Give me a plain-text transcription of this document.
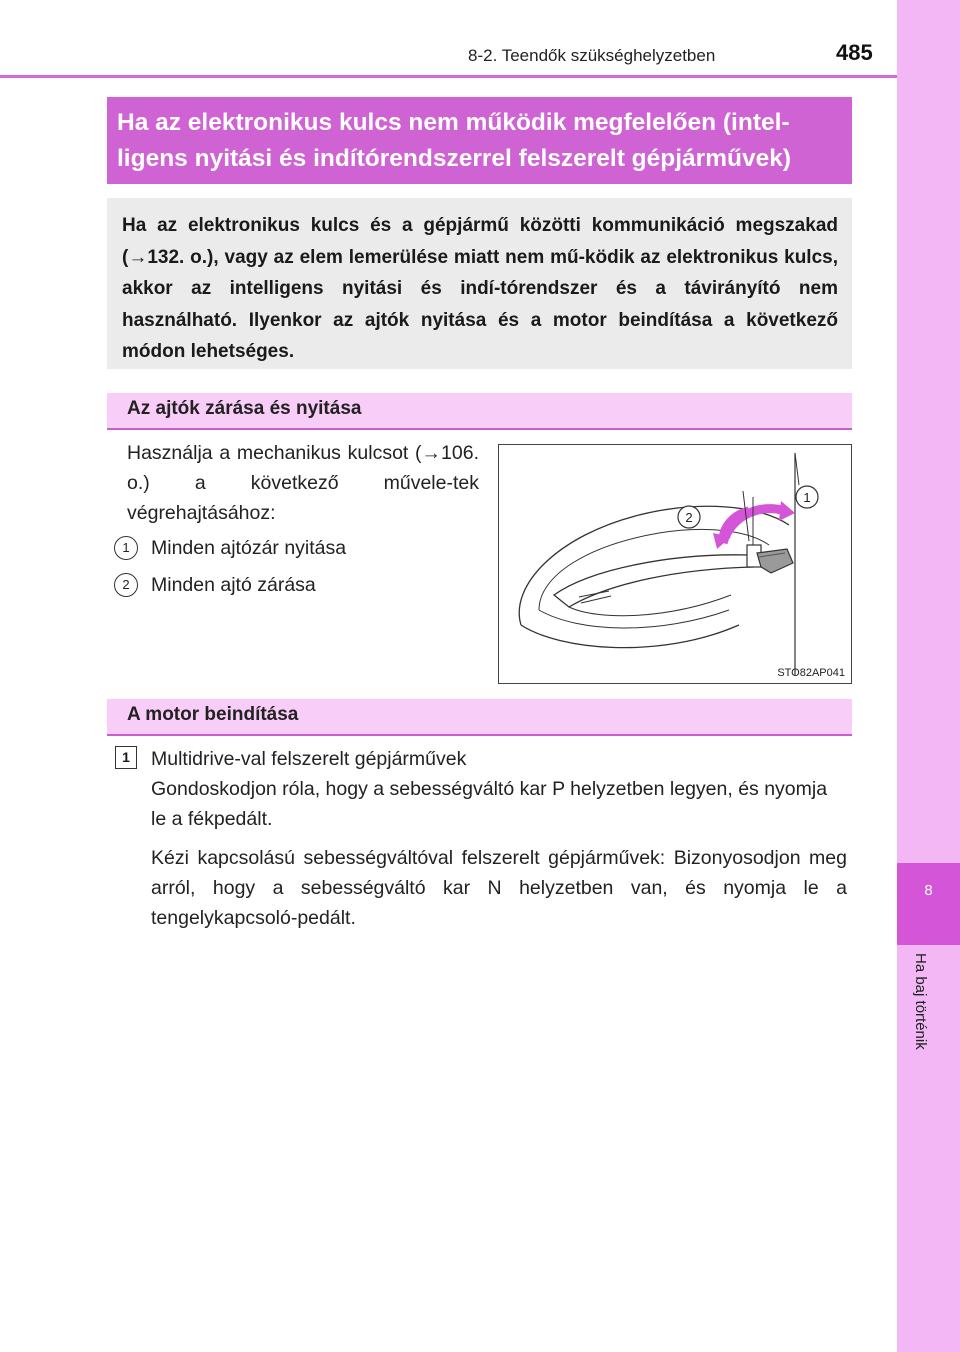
8
Ha baj történik
8-2. Teendők szükséghelyzetben	485
Ha az elektronikus kulcs nem működik megfelelően (intel-
ligens nyitási és indítórendszerrel felszerelt gépjárművek)

Ha az elektronikus kulcs és a gépjármű közötti kommunikáció megszakad (→132. o.), vagy az elem lemerülése miatt nem mű-ködik az elektronikus kulcs, akkor az intelligens nyitási és indí-tórendszer és a távirányító nem használható. Ilyenkor az ajtók nyitása és a motor beindítása a következő módon lehetséges.

Az ajtók zárása és nyitása
Használja a mechanikus kulcsot (→106. o.) a következő művele-tek végrehajtásához:
1	Minden ajtózár nyitása
2	Minden ajtó zárása
1
2
STO82AP041
A motor beindítása
1	Multidrive-val felszerelt gépjárművek
Gondoskodjon róla, hogy a sebességváltó kar P helyzetben legyen, és nyomja le a fékpedált.
Kézi kapcsolású sebességváltóval felszerelt gépjárművek: Bizonyosodjon meg arról, hogy a sebességváltó kar N helyzetben van, és nyomja le a tengelykapcsoló-pedált.
